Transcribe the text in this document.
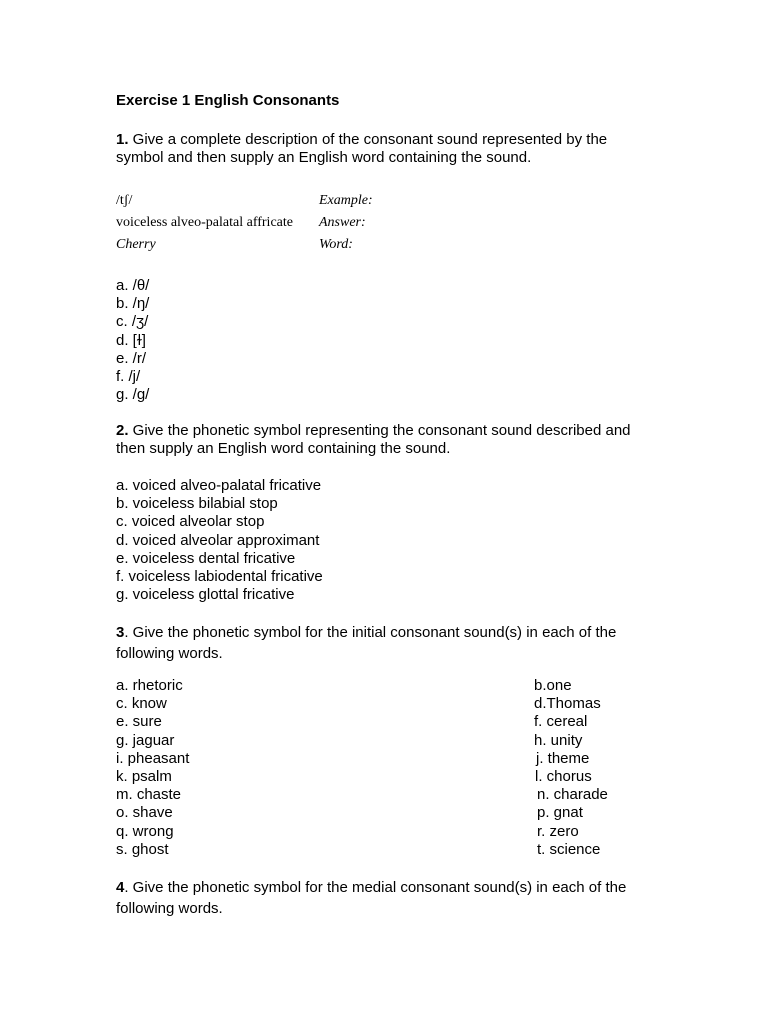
Exercise 1 English Consonants
1. Give a complete description of the consonant sound represented by the symbol and then supply an English word containing the sound.
/tʃ/	Example:
voiceless alveo-palatal affricate Answer:
Cherry	Word:
a. /θ/
b. /ŋ/
c. /ʒ/
d. [ɫ]
e. /r/
f. /j/
g. /g/
2. Give the phonetic symbol representing the consonant sound described and then supply an English word containing the sound.
a. voiced alveo-palatal fricative
b. voiceless bilabial stop
c. voiced alveolar stop
d. voiced alveolar approximant
e. voiceless dental fricative
f. voiceless labiodental fricative
g. voiceless glottal fricative
3. Give the phonetic symbol for the initial consonant sound(s) in each of the following words.
a. rhetoric	b.one
c. know	d.Thomas
e. sure	f. cereal
g. jaguar	h. unity
i. pheasant	j. theme
k. psalm	l. chorus
m. chaste	n. charade
o. shave	p. gnat
q. wrong	r. zero
s. ghost	t. science
4. Give the phonetic symbol for the medial consonant sound(s) in each of the following words.
